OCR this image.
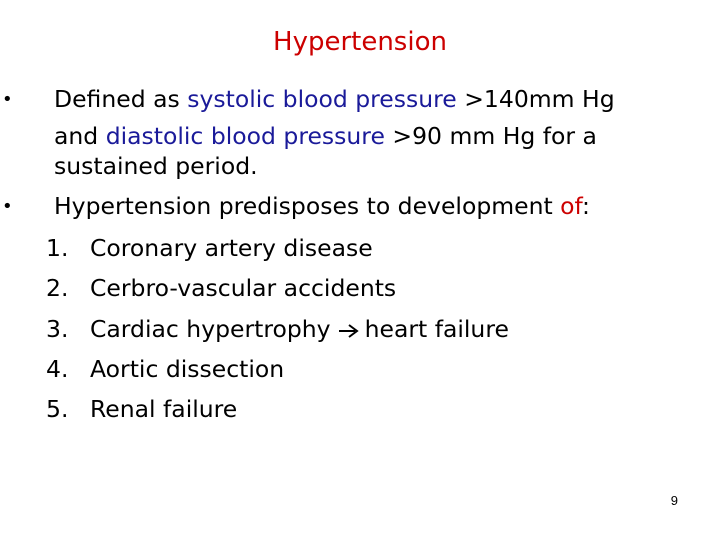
Hypertension
• Defined as systolic blood pressure >140mm Hg
and diastolic blood pressure >90 mm Hg for a
sustained period.
• Hypertension predisposes to development of:
1. Coronary artery disease
2. Cerbro-vascular accidents
3. Cardiac hypertrophy heart failure
4. Aortic dissection
5. Renal failure
9
